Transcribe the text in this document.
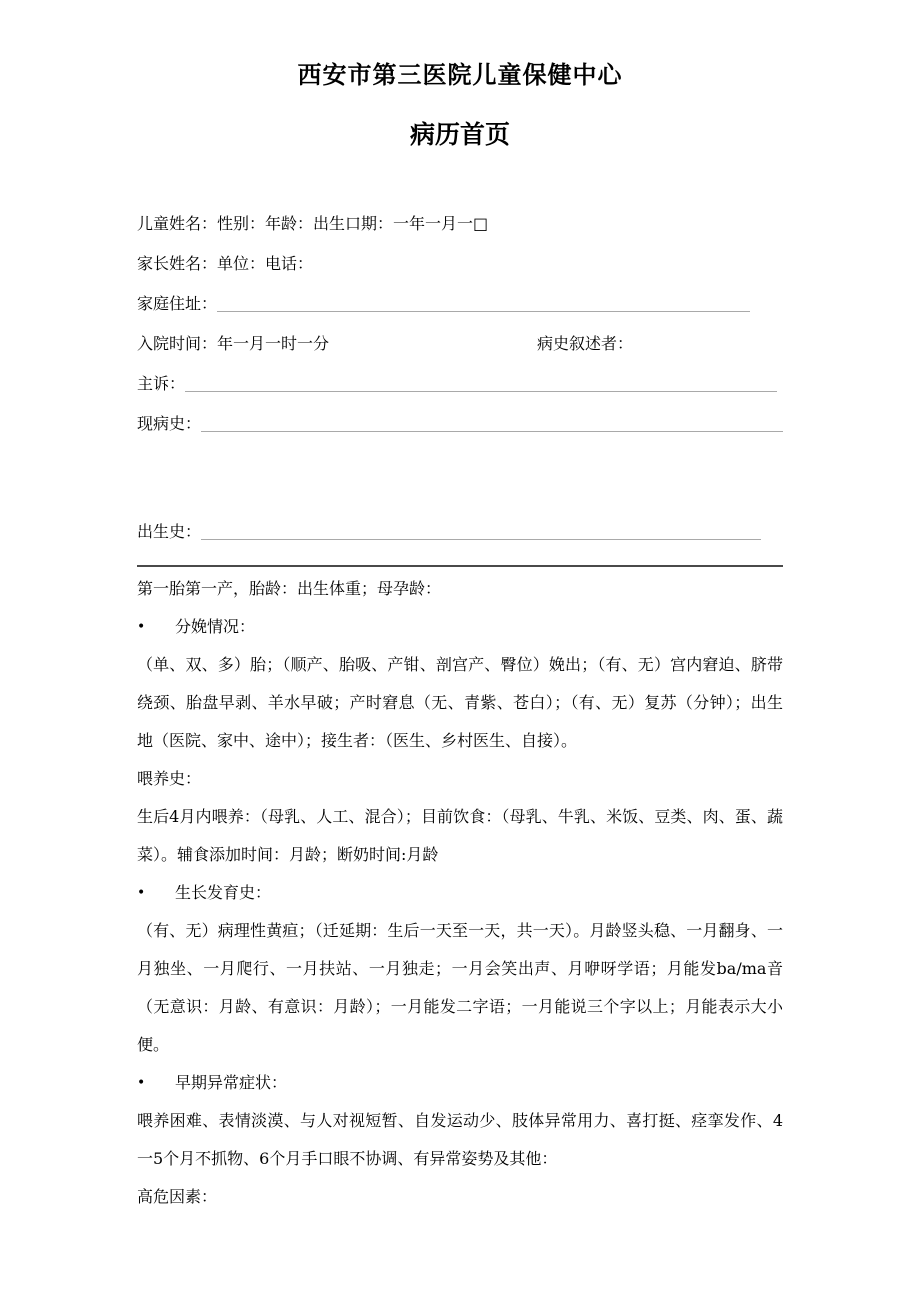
西安市第三医院儿童保健中心
病历首页
儿童姓名：性别：年龄：出生口期：一年一月一□
家长姓名：单位：电话：
家庭住址：
入院时间：年一月一时一分	病史叙述者：
主诉：
现病史：
出生史：
第一胎第一产，胎龄：出生体重；母孕龄：
•	分娩情况：
（单、双、多）胎；（顺产、胎吸、产钳、剖宫产、臀位）娩出；（有、无）宫内窘迫、脐带绕颈、胎盘早剥、羊水早破；产时窘息（无、青紫、苍白）；（有、无）复苏（分钟）；出生地（医院、家中、途中）；接生者：（医生、乡村医生、自接）。
喂养史：
生后4月内喂养：（母乳、人工、混合）；目前饮食：（母乳、牛乳、米饭、豆类、肉、蛋、蔬菜）。辅食添加时间：月龄；断奶时间:月龄
•	生长发育史：
（有、无）病理性黄疸；（迁延期：生后一天至一天，共一天）。月龄竖头稳、一月翻身、一月独坐、一月爬行、一月扶站、一月独走；一月会笑出声、月咿呀学语；月能发ba/ma音（无意识：月龄、有意识：月龄）；一月能发二字语；一月能说三个字以上；月能表示大小便。
•	早期异常症状：
喂养困难、表情淡漠、与人对视短暂、自发运动少、肢体异常用力、喜打挺、痉挛发作、4一5个月不抓物、6个月手口眼不协调、有异常姿势及其他：
高危因素：
